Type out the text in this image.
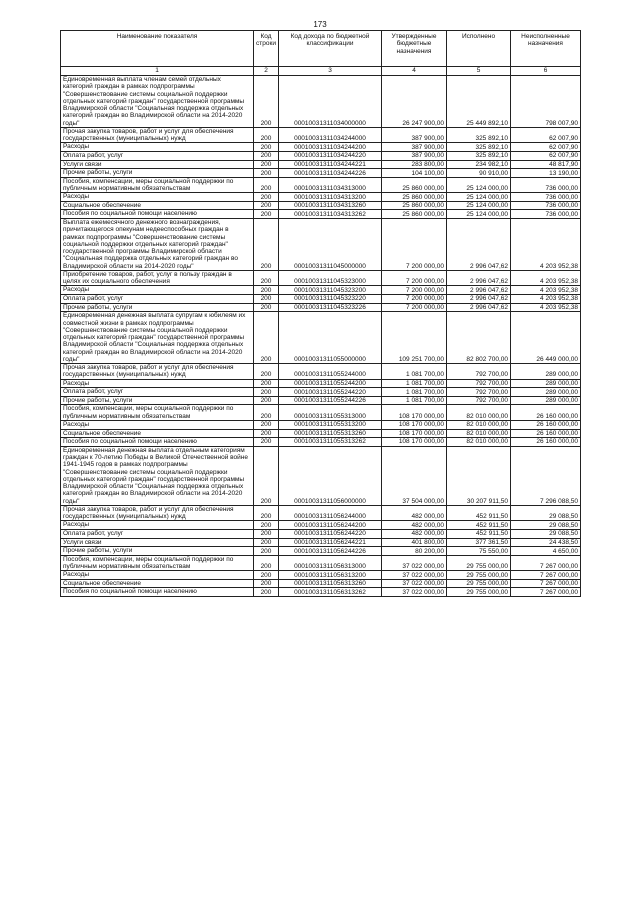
173
Наименование показателя	Код строки	Код дохода по бюджетной классификации	Утвержденные бюджетные назначения	Исполнено	Неисполненные назначения
1	2	3	4	5	6
Единовременная выплата членам семей отдельных категорий граждан в рамках подпрограммы "Совершенствование системы социальной поддержки отдельных категорий граждан" государственной программы Владимирской области "Социальная поддержка отдельных категорий граждан во Владимирской области на 2014-2020 годы"	200	00010031311034000000	26 247 900,00	25 449 892,10	798 007,90
Прочая закупка товаров, работ и услуг для обеспечения государственных (муниципальных) нужд	200	00010031311034244000	387 900,00	325 892,10	62 007,90
Расходы	200	00010031311034244200	387 900,00	325 892,10	62 007,90
Оплата работ, услуг	200	00010031311034244220	387 900,00	325 892,10	62 007,90
Услуги связи	200	00010031311034244221	283 800,00	234 982,10	48 817,90
Прочие работы, услуги	200	00010031311034244226	104 100,00	90 910,00	13 190,00
Пособия, компенсации, меры социальной поддержки по публичным нормативным обязательствам	200	00010031311034313000	25 860 000,00	25 124 000,00	736 000,00
Расходы	200	00010031311034313200	25 860 000,00	25 124 000,00	736 000,00
Социальное обеспечение	200	00010031311034313260	25 860 000,00	25 124 000,00	736 000,00
Пособия по социальной помощи населению	200	00010031311034313262	25 860 000,00	25 124 000,00	736 000,00
Выплата ежемесячного денежного вознаграждения, причитающегося опекунам недееспособных граждан в рамках подпрограммы "Совершенствование системы социальной поддержки отдельных категорий граждан" государственной программы Владимирской области "Социальная поддержка отдельных категорий граждан во Владимирской области на 2014-2020 годы"	200	00010031311045000000	7 200 000,00	2 996 047,62	4 203 952,38
Приобретение товаров, работ, услуг в пользу граждан в целях их социального обеспечения	200	00010031311045323000	7 200 000,00	2 996 047,62	4 203 952,38
Расходы	200	00010031311045323200	7 200 000,00	2 996 047,62	4 203 952,38
Оплата работ, услуг	200	00010031311045323220	7 200 000,00	2 996 047,62	4 203 952,38
Прочие работы, услуги	200	00010031311045323226	7 200 000,00	2 996 047,62	4 203 952,38
Единовременная денежная выплата супругам к юбилеям их совместной жизни в рамках подпрограммы "Совершенствование системы социальной поддержки отдельных категорий граждан" государственной программы Владимирской области "Социальная поддержка отдельных категорий граждан во Владимирской области на 2014-2020 годы"	200	00010031311055000000	109 251 700,00	82 802 700,00	26 449 000,00
Прочая закупка товаров, работ и услуг для обеспечения государственных (муниципальных) нужд	200	00010031311055244000	1 081 700,00	792 700,00	289 000,00
Расходы	200	00010031311055244200	1 081 700,00	792 700,00	289 000,00
Оплата работ, услуг	200	00010031311055244220	1 081 700,00	792 700,00	289 000,00
Прочие работы, услуги	200	00010031311055244226	1 081 700,00	792 700,00	289 000,00
Пособия, компенсации, меры социальной поддержки по публичным нормативным обязательствам	200	00010031311055313000	108 170 000,00	82 010 000,00	26 160 000,00
Расходы	200	00010031311055313200	108 170 000,00	82 010 000,00	26 160 000,00
Социальное обеспечение	200	00010031311055313260	108 170 000,00	82 010 000,00	26 160 000,00
Пособия по социальной помощи населению	200	00010031311055313262	108 170 000,00	82 010 000,00	26 160 000,00
Единовременная денежная выплата отдельным категориям граждан к 70-летию Победы в Великой Отечественной войне 1941-1945 годов в рамках подпрограммы "Совершенствование системы социальной поддержки отдельных категорий граждан" государственной программы Владимирской области "Социальная поддержка отдельных категорий граждан во Владимирской области на 2014-2020 годы"	200	00010031311056000000	37 504 000,00	30 207 911,50	7 296 088,50
Прочая закупка товаров, работ и услуг для обеспечения государственных (муниципальных) нужд	200	00010031311056244000	482 000,00	452 911,50	29 088,50
Расходы	200	00010031311056244200	482 000,00	452 911,50	29 088,50
Оплата работ, услуг	200	00010031311056244220	482 000,00	452 911,50	29 088,50
Услуги связи	200	00010031311056244221	401 800,00	377 361,50	24 438,50
Прочие работы, услуги	200	00010031311056244226	80 200,00	75 550,00	4 650,00
Пособия, компенсации, меры социальной поддержки по публичным нормативным обязательствам	200	00010031311056313000	37 022 000,00	29 755 000,00	7 267 000,00
Расходы	200	00010031311056313200	37 022 000,00	29 755 000,00	7 267 000,00
Социальное обеспечение	200	00010031311056313260	37 022 000,00	29 755 000,00	7 267 000,00
Пособия по социальной помощи населению	200	00010031311056313262	37 022 000,00	29 755 000,00	7 267 000,00
